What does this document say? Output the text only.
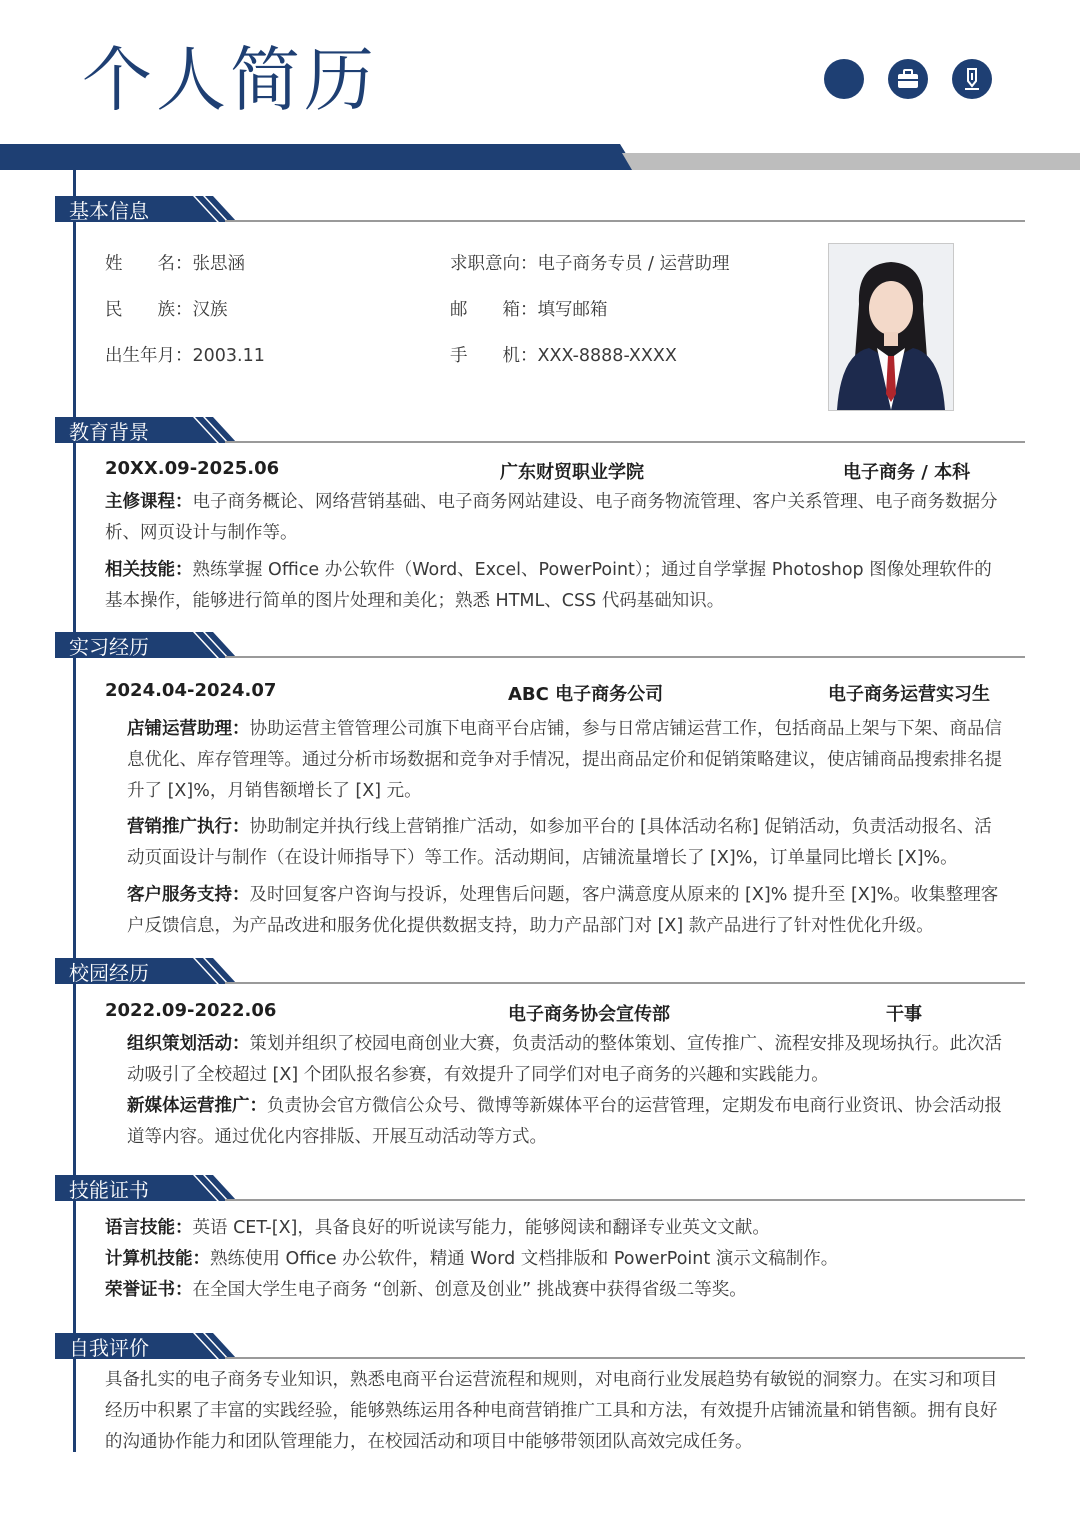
个人简历
基本信息
姓　　名：张思涵
民　　族：汉族
出生年月：2003.11
求职意向：电子商务专员 / 运营助理
邮　　箱：填写邮箱
手　　机：XXX-8888-XXXX
教育背景
20XX.09-2025.06	广东财贸职业学院	电子商务 / 本科
主修课程：电子商务概论、网络营销基础、电子商务网站建设、电子商务物流管理、客户关系管理、电子商务数据分析、网页设计与制作等。
相关技能：熟练掌握 Office 办公软件（Word、Excel、PowerPoint）；通过自学掌握 Photoshop 图像处理软件的基本操作，能够进行简单的图片处理和美化；熟悉 HTML、CSS 代码基础知识。
实习经历
2024.04-2024.07	ABC 电子商务公司	电子商务运营实习生
店铺运营助理：协助运营主管管理公司旗下电商平台店铺，参与日常店铺运营工作，包括商品上架与下架、商品信息优化、库存管理等。通过分析市场数据和竞争对手情况，提出商品定价和促销策略建议，使店铺商品搜索排名提升了 [X]%，月销售额增长了 [X] 元。
营销推广执行：协助制定并执行线上营销推广活动，如参加平台的 [具体活动名称] 促销活动，负责活动报名、活动页面设计与制作（在设计师指导下）等工作。活动期间，店铺流量增长了 [X]%，订单量同比增长 [X]%。
客户服务支持：及时回复客户咨询与投诉，处理售后问题，客户满意度从原来的 [X]% 提升至 [X]%。收集整理客户反馈信息，为产品改进和服务优化提供数据支持，助力产品部门对 [X] 款产品进行了针对性优化升级。
校园经历
2022.09-2022.06	电子商务协会宣传部	干事
组织策划活动：策划并组织了校园电商创业大赛，负责活动的整体策划、宣传推广、流程安排及现场执行。此次活动吸引了全校超过 [X] 个团队报名参赛，有效提升了同学们对电子商务的兴趣和实践能力。
新媒体运营推广：负责协会官方微信公众号、微博等新媒体平台的运营管理，定期发布电商行业资讯、协会活动报道等内容。通过优化内容排版、开展互动活动等方式。
技能证书
语言技能：英语 CET-[X]，具备良好的听说读写能力，能够阅读和翻译专业英文文献。
计算机技能：熟练使用 Office 办公软件，精通 Word 文档排版和 PowerPoint 演示文稿制作。
荣誉证书：在全国大学生电子商务 “创新、创意及创业” 挑战赛中获得省级二等奖。
自我评价
具备扎实的电子商务专业知识，熟悉电商平台运营流程和规则，对电商行业发展趋势有敏锐的洞察力。在实习和项目经历中积累了丰富的实践经验，能够熟练运用各种电商营销推广工具和方法，有效提升店铺流量和销售额。拥有良好的沟通协作能力和团队管理能力，在校园活动和项目中能够带领团队高效完成任务。
